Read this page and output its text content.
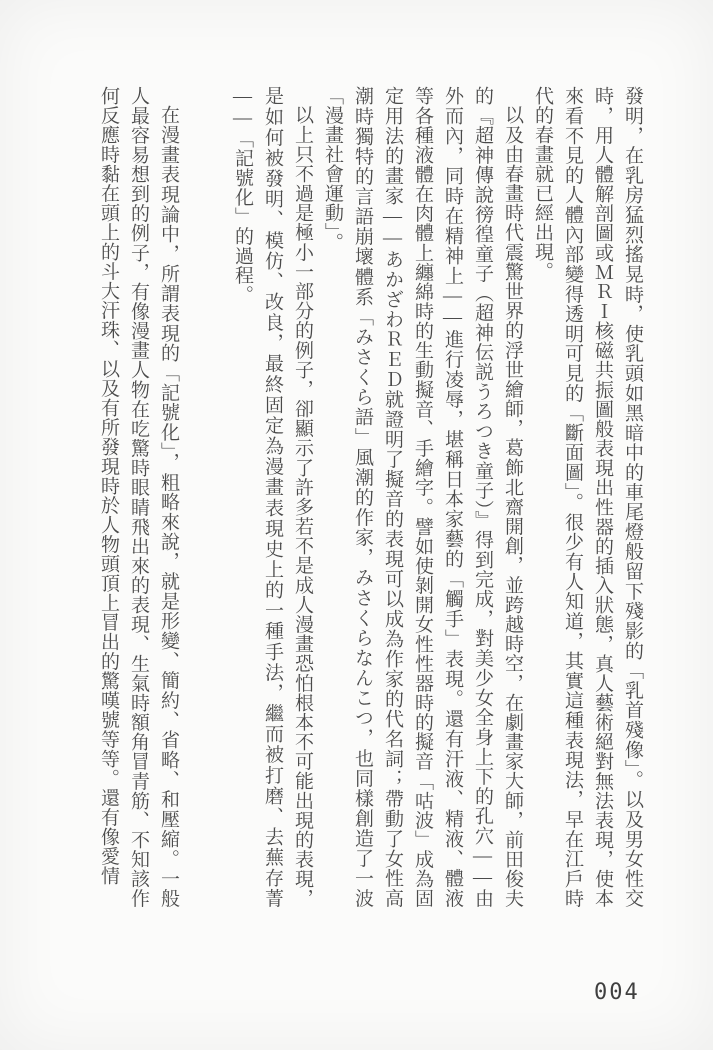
發明，在乳房猛烈搖晃時，使乳頭如黑暗中的車尾燈般留下殘影的「乳首殘像」。以及男女性交時，用人體解剖圖或ＭＲＩ核磁共振圖般表現出性器的插入狀態，真人藝術絕對無法表現，使本來看不見的人體內部變得透明可見的「斷面圖」。很少有人知道，其實這種表現法，早在江戶時代的春畫就已經出現。

以及由春畫時代震驚世界的浮世繪師，葛飾北齋開創，並跨越時空，在劇畫家大師，前田俊夫的『超神傳說徬徨童子（超神伝説うろつき童子）』得到完成，對美少女全身上下的孔穴——由外而內，同時在精神上——進行凌辱，堪稱日本家藝的「觸手」表現。還有汗液、精液、體液等各種液體在肉體上纏綿時的生動擬音、手繪字。譬如使剝開女性性器時的擬音「咕波」成為固定用法的畫家——あかざわＲＥＤ就證明了擬音的表現可以成為作家的代名詞；帶動了女性高潮時獨特的言語崩壞體系「みさくら語」風潮的作家，みさくらなんこつ，也同樣創造了一波「漫畫社會運動」。

以上只不過是極小一部分的例子，卻顯示了許多若不是成人漫畫恐怕根本不可能出現的表現，是如何被發明、模仿、改良，最終固定為漫畫表現史上的一種手法，繼而被打磨、去蕪存菁——「記號化」的過程。

在漫畫表現論中，所謂表現的「記號化」，粗略來說，就是形變、簡約、省略、和壓縮。一般人最容易想到的例子，有像漫畫人物在吃驚時眼睛飛出來的表現、生氣時額角冒青筋、不知該作何反應時黏在頭上的斗大汗珠、以及有所發現時於人物頭頂上冒出的驚嘆號等等。還有像愛情

004
